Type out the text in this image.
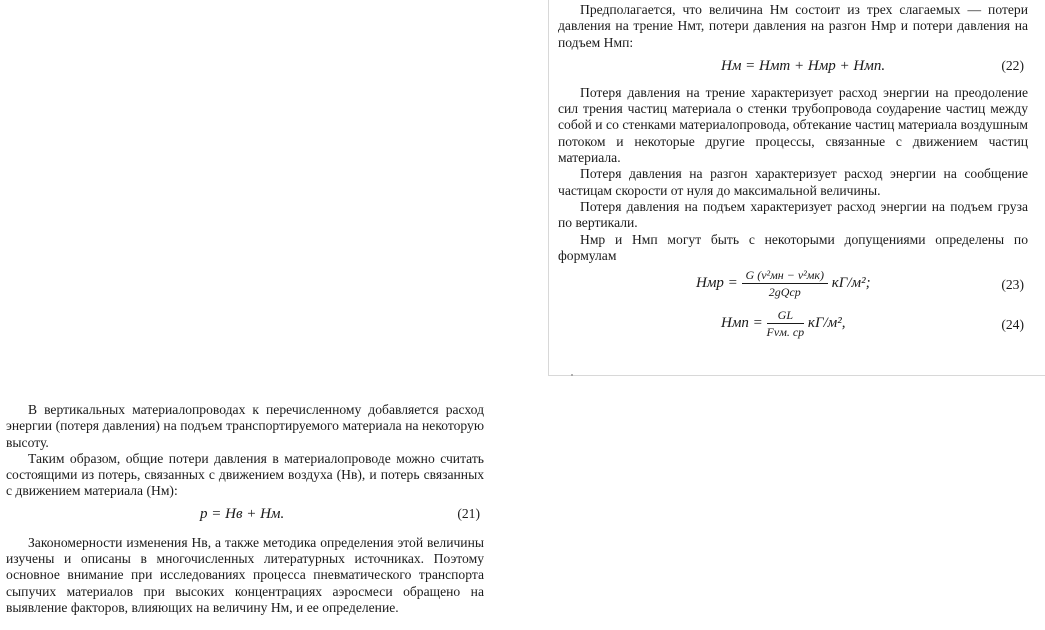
Предполагается, что величина Hм состоит из трех слагаемых — потери давления на трение Hмт, потери давления на разгон Hмр и потери давления на подъем Hмп:

Hм = Hмт + Hмр + Hмп.	(22)

Потеря давления на трение характеризует расход энергии на преодоление сил трения частиц материала о стенки трубопровода соударение частиц между собой и со стенками материалопровода, обтекание частиц материала воздушным потоком и некоторые другие процессы, связанные с движением частиц материала.

Потеря давления на разгон характеризует расход энергии на сообщение частицам скорости от нуля до максимальной величины.

Потеря давления на подъем характеризует расход энергии на подъем груза по вертикали.

Hмр и Hмп могут быть с некоторыми допущениями определены по формулам

Hмр = $\frac{\text{G (v²мн − v²мк)}}{\text{2gQср}} кГ/м^2$;	(23)
Hмп = $\frac{GL}{\text{Fvм. ср}} кГ/м^2$,	(24)

В вертикальных материалопроводах к перечисленному добавляется расход энергии (потеря давления) на подъем транспортируемого материала на некоторую высоту.

Таким образом, общие потери давления в материалопроводе можно считать состоящими из потерь, связанных с движением воздуха (Hв), и потерь связанных с движением материала (Hм):

p = Hв + Hм.	(21)

Закономерности изменения Hв, а также методика определения этой величины изучены и описаны в многочисленных литературных источниках. Поэтому основное внимание при исследованиях процесса пневматического транспорта сыпучих материалов при высоких концентрациях аэросмеси обращено на выявление факторов, влияющих на величину Hм, и ее определение.
